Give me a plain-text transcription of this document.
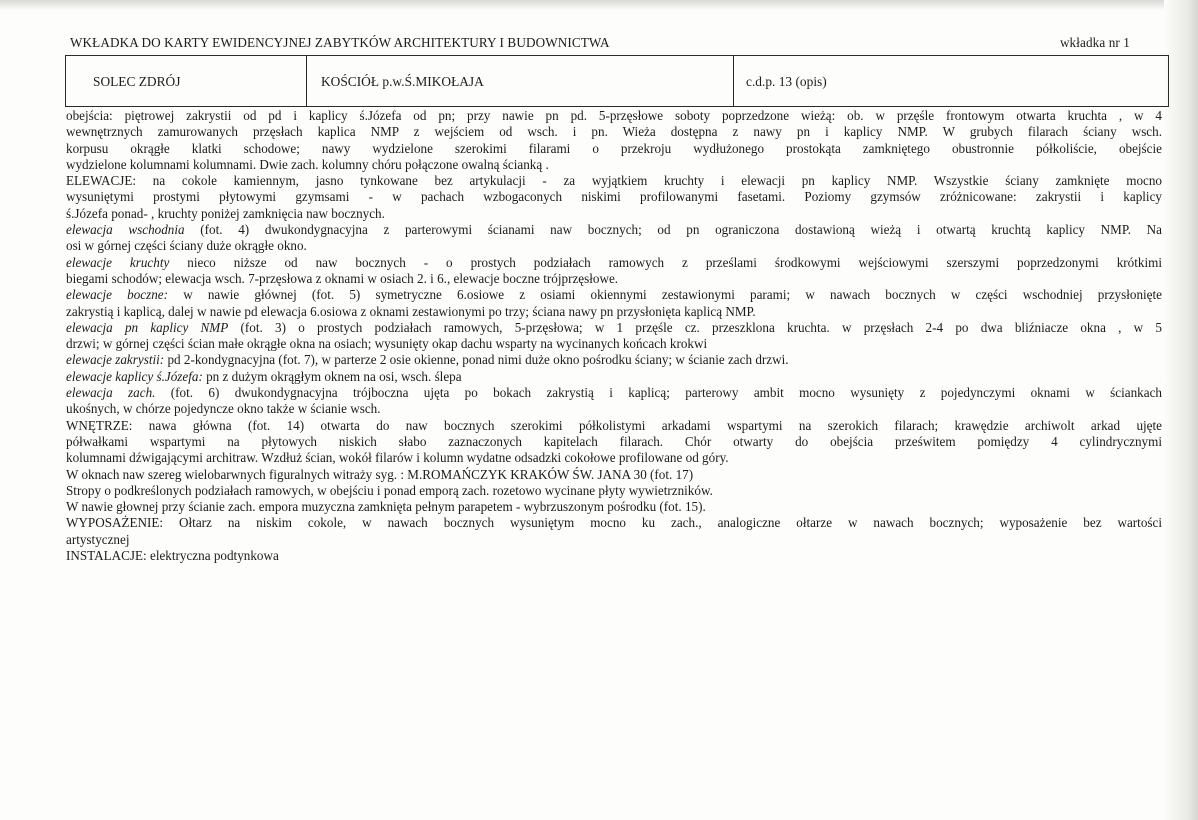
WKŁADKA DO KARTY EWIDENCYJNEJ ZABYTKÓW ARCHITEKTURY I BUDOWNICTWA	wkładka nr 1
SOLEC ZDRÓJ	KOŚCIÓŁ p.w.Ś.MIKOŁAJA	c.d.p. 13 (opis)
obejścia: piętrowej zakrystii od pd i kaplicy ś.Józefa od pn; przy nawie pn pd. 5-przęsłowe soboty poprzedzone wieżą: ob. w przęśle frontowym otwarta kruchta , w 4
wewnętrznych zamurowanych przęsłach kaplica NMP z wejściem od wsch. i pn. Wieża dostępna z nawy pn i kaplicy NMP. W grubych filarach ściany wsch.
korpusu okrągłe klatki schodowe; nawy wydzielone szerokimi filarami o przekroju wydłużonego prostokąta zamkniętego obustronnie półkoliście, obejście
wydzielone kolumnami kolumnami. Dwie zach. kolumny chóru połączone owalną ścianką .
ELEWACJE: na cokole kamiennym, jasno tynkowane bez artykulacji - za wyjątkiem kruchty i elewacji pn kaplicy NMP. Wszystkie ściany zamknięte mocno
wysuniętymi prostymi płytowymi gzymsami - w pachach wzbogaconych niskimi profilowanymi fasetami. Poziomy gzymsów zróżnicowane: zakrystii i kaplicy
ś.Józefa ponad- , kruchty poniżej zamknięcia naw bocznych.
elewacja wschodnia (fot. 4) dwukondygnacyjna z parterowymi ścianami naw bocznych; od pn ograniczona dostawioną wieżą i otwartą kruchtą kaplicy NMP. Na
osi w górnej części ściany duże okrągłe okno.
elewacje kruchty nieco niższe od naw bocznych - o prostych podziałach ramowych z prześlami środkowymi wejściowymi szerszymi poprzedzonymi krótkimi
biegami schodów; elewacja wsch. 7-przęsłowa z oknami w osiach 2. i 6., elewacje boczne trójprzęsłowe.
elewacje boczne: w nawie głównej (fot. 5) symetryczne 6.osiowe z osiami okiennymi zestawionymi parami; w nawach bocznych w części wschodniej przysłonięte
zakrystią i kaplicą, dalej w nawie pd elewacja 6.osiowa z oknami zestawionymi po trzy; ściana nawy pn przysłonięta kaplicą NMP.
elewacja pn kaplicy NMP (fot. 3) o prostych podziałach ramowych, 5-przęsłowa; w 1 przęśle cz. przeszklona kruchta. w przęsłach 2-4 po dwa bliźniacze okna , w 5
drzwi; w górnej części ścian małe okrągłe okna na osiach; wysunięty okap dachu wsparty na wycinanych końcach krokwi
elewacje zakrystii: pd 2-kondygnacyjna (fot. 7), w parterze 2 osie okienne, ponad nimi duże okno pośrodku ściany; w ścianie zach drzwi.
elewacje kaplicy ś.Józefa: pn z dużym okrągłym oknem na osi, wsch. ślepa
elewacja zach. (fot. 6) dwukondygnacyjna trójboczna ujęta po bokach zakrystią i kaplicą; parterowy ambit mocno wysunięty z pojedynczymi oknami w ściankach
ukośnych, w chórze pojedyncze okno także w ścianie wsch.
WNĘTRZE: nawa główna (fot. 14) otwarta do naw bocznych szerokimi półkolistymi arkadami wspartymi na szerokich filarach; krawędzie archiwolt arkad ujęte
półwałkami wspartymi na płytowych niskich słabo zaznaczonych kapitelach filarach. Chór otwarty do obejścia prześwitem pomiędzy 4 cylindrycznymi
kolumnami dźwigającymi architraw. Wzdłuż ścian, wokół filarów i kolumn wydatne odsadzki cokołowe profilowane od góry.
W oknach naw szereg wielobarwnych figuralnych witraży syg. : M.ROMAŃCZYK KRAKÓW ŚW. JANA 30 (fot. 17)
Stropy o podkreślonych podziałach ramowych, w obejściu i ponad emporą zach. rozetowo wycinane płyty wywietrzników.
W nawie głownej przy ścianie zach. empora muzyczna zamknięta pełnym parapetem - wybrzuszonym pośrodku (fot. 15).
WYPOSAŻENIE: Ołtarz na niskim cokole, w nawach bocznych wysuniętym mocno ku zach., analogiczne ołtarze w nawach bocznych; wyposażenie bez wartości
artystycznej
INSTALACJE: elektryczna podtynkowa
